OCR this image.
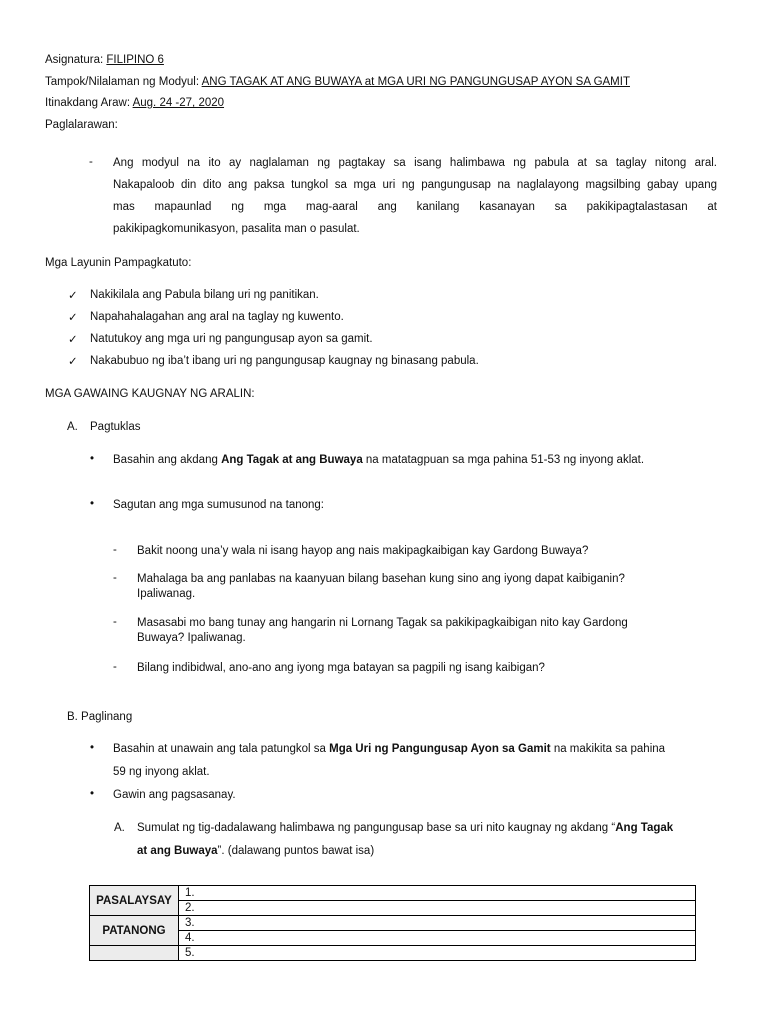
Asignatura: FILIPINO 6
Tampok/Nilalaman ng Modyul: ANG TAGAK AT ANG BUWAYA at MGA URI NG PANGUNGUSAP AYON SA GAMIT
Itinakdang Araw: Aug. 24 -27, 2020
Paglalarawan:
- Ang modyul na ito ay naglalaman ng pagtakay sa isang halimbawa ng pabula at sa taglay nitong aral.

Nakapaloob din dito ang paksa tungkol sa mga uri ng pangungusap na naglalayong magsilbing gabay upang

mas mapaunlad ng mga mag-aaral ang kanilang kasanayan sa pakikipagtalastasan at

pakikipagkomunikasyon, pasalita man o pasulat.

Mga Layunin Pampagkatuto:
✓ Nakikilala ang Pabula bilang uri ng panitikan.
✓ Napahahalagahan ang aral na taglay ng kuwento.
✓ Natutukoy ang mga uri ng pangungusap ayon sa gamit.
✓ Nakabubuo ng iba’t ibang uri ng pangungusap kaugnay ng binasang pabula.
MGA GAWAING KAUGNAY NG ARALIN:
A. Pagtuklas
• Basahin ang akdang Ang Tagak at ang Buwaya na matatagpuan sa mga pahina 51-53 ng inyong aklat.
• Sagutan ang mga sumusunod na tanong:
- Bakit noong una’y wala ni isang hayop ang nais makipagkaibigan kay Gardong Buwaya?
- Mahalaga ba ang panlabas na kaanyuan bilang basehan kung sino ang iyong dapat kaibiganin? Ipaliwanag.
- Masasabi mo bang tunay ang hangarin ni Lornang Tagak sa pakikipagkaibigan nito kay Gardong Buwaya? Ipaliwanag.
- Bilang indibidwal, ano-ano ang iyong mga batayan sa pagpili ng isang kaibigan?
B. Paglinang
• Basahin at unawain ang tala patungkol sa Mga Uri ng Pangungusap Ayon sa Gamit na makikita sa pahina
59 ng inyong aklat.
• Gawin ang pagsasanay.
A. Sumulat ng tig-dadalawang halimbawa ng pangungusap base sa uri nito kaugnay ng akdang “Ang Tagak
at ang Buwaya”. (dalawang puntos bawat isa)
PASALAYSAY	1.
	2.
PATANONG	3.
	4.
	5.
